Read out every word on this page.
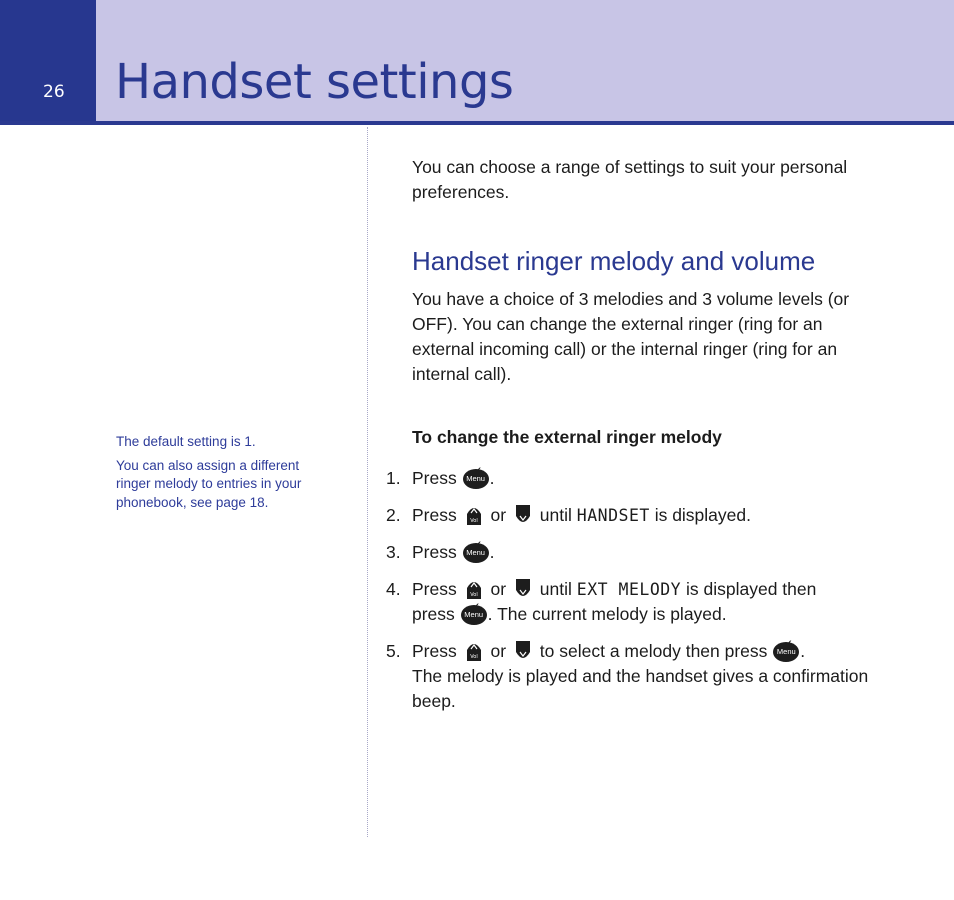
26 Handset settings

The default setting is 1.

You can also assign a different ringer melody to entries in your phonebook, see page 18.

You can choose a range of settings to suit your personal preferences.

Handset ringer melody and volume

You have a choice of 3 melodies and 3 volume levels (or OFF). You can change the external ringer (ring for an external incoming call) or the internal ringer (ring for an internal call).

To change the external ringer melody
1. Press	Menu .
2. Press	Vol or until HANDSET is displayed.
3. Press	Menu .
4. Press	Vol or until EXT MELODY is displayed then
press	Menu . The current melody is played.
5. Press	Vol or  to select a melody then press	Menu .
The melody is played and the handset gives a confirmation beep.
